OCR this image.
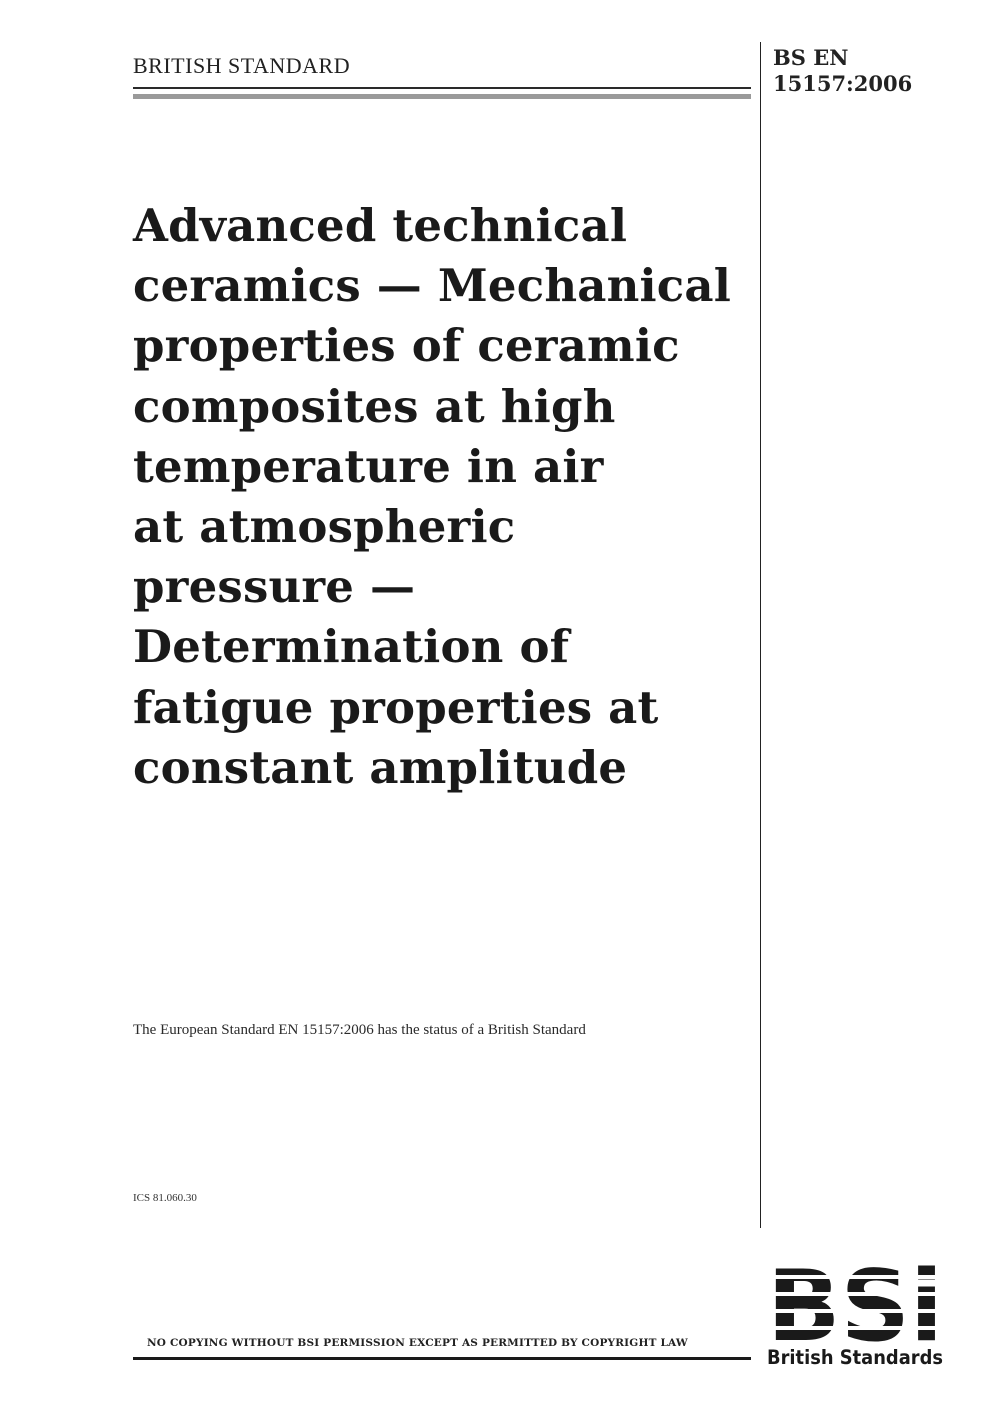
BRITISH STANDARD	BS EN
15157:2006
Advanced technical
ceramics — Mechanical
properties of ceramic
composites at high
temperature in air
at atmospheric
pressure —
Determination of
fatigue properties at
constant amplitude
The European Standard EN 15157:2006 has the status of a British Standard
ICS 81.060.30
NO COPYING WITHOUT BSI PERMISSION EXCEPT AS PERMITTED BY COPYRIGHT LAW
British Standards
